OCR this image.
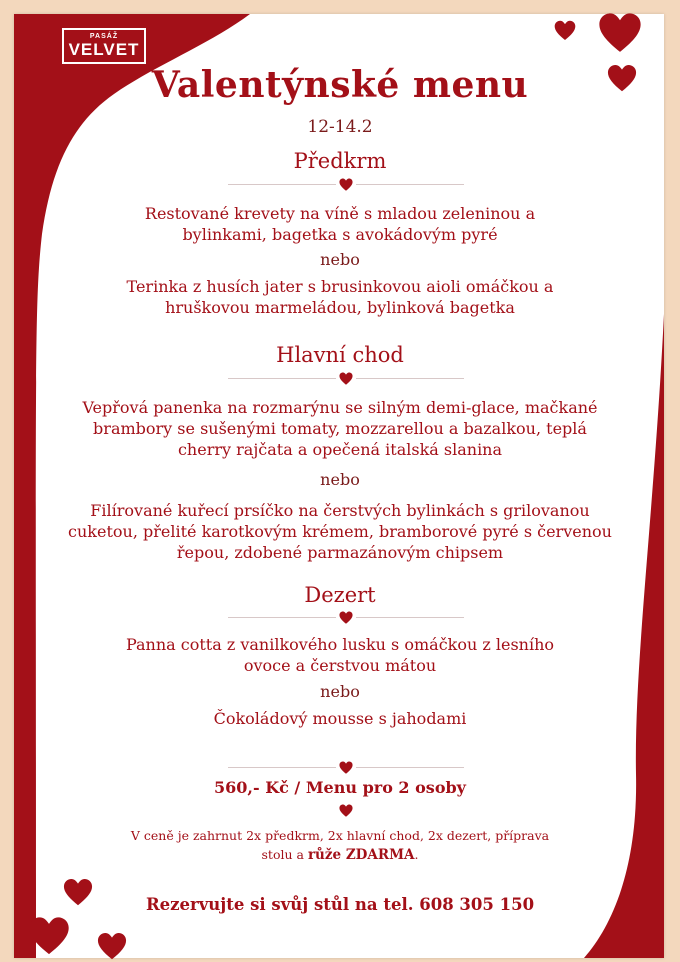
PASÁŽ
VELVET
Valentýnské menu
12-14.2
Předkrm
Restované krevety na víně s mladou zeleninou a
bylinkami, bagetka s avokádovým pyré
nebo
Terinka z husích jater s brusinkovou aioli omáčkou a
hruškovou marmeládou, bylinková bagetka
Hlavní chod
Vepřová panenka na rozmarýnu se silným demi-glace, mačkané
brambory se sušenými tomaty, mozzarellou a bazalkou, teplá
cherry rajčata a opečená italská slanina
nebo
Filírované kuřecí prsíčko na čerstvých bylinkách s grilovanou
cuketou, přelité karotkovým krémem, bramborové pyré s červenou
řepou, zdobené parmazánovým chipsem
Dezert
Panna cotta z vanilkového lusku s omáčkou z lesního
ovoce a čerstvou mátou
nebo
Čokoládový mousse s jahodami
560,- Kč / Menu pro 2 osoby
V ceně je zahrnut 2x předkrm, 2x hlavní chod, 2x dezert, příprava
stolu a růže ZDARMA.
Rezervujte si svůj stůl na tel. 608 305 150
